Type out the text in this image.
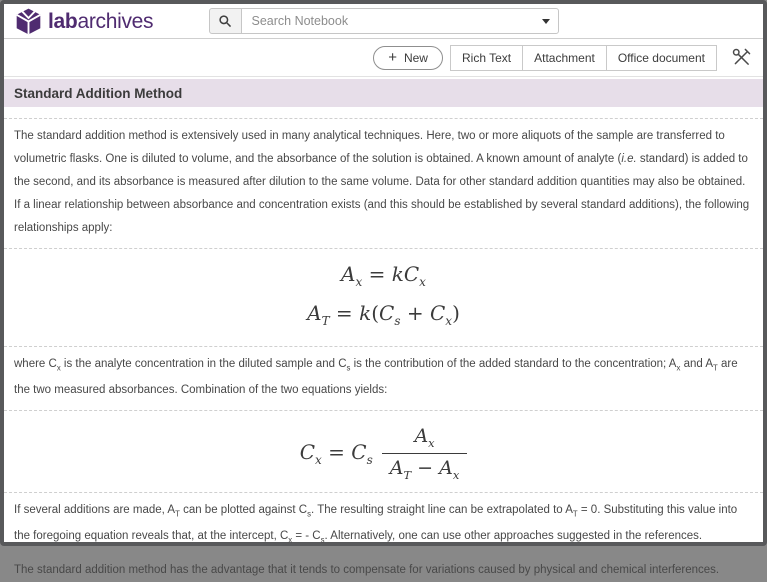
labarchives
Search Notebook
+ New	Rich Text	Attachment	Office document
Standard Addition Method

The standard addition method is extensively used in many analytical techniques. Here, two or more aliquots of the sample are transferred to volumetric flasks. One is diluted to volume, and the absorbance of the solution is obtained. A known amount of analyte (i.e. standard) is added to the second, and its absorbance is measured after dilution to the same volume. Data for other standard addition quantities may also be obtained. If a linear relationship between absorbance and concentration exists (and this should be established by several standard additions), the following relationships apply:

$A_x = kC_x$
$A_T = k(C_s + C_x)$

where $C_x$ is the analyte concentration in the diluted sample and $C_s$ is the contribution of the added standard to the concentration; $A_x$ and $A_T$ are the two measured absorbances. Combination of the two equations yields:

$C_x = C_s \frac{A_x}{A_T - A_x}$

If several additions are made, $A_T$ can be plotted against $C_s$. The resulting straight line can be extrapolated to $A_T = 0$. Substituting this value into the foregoing equation reveals that, at the intercept, $C_x$ = - $C_s$. Alternatively, one can use other approaches suggested in the references.

The standard addition method has the advantage that it tends to compensate for variations caused by physical and chemical interferences.
